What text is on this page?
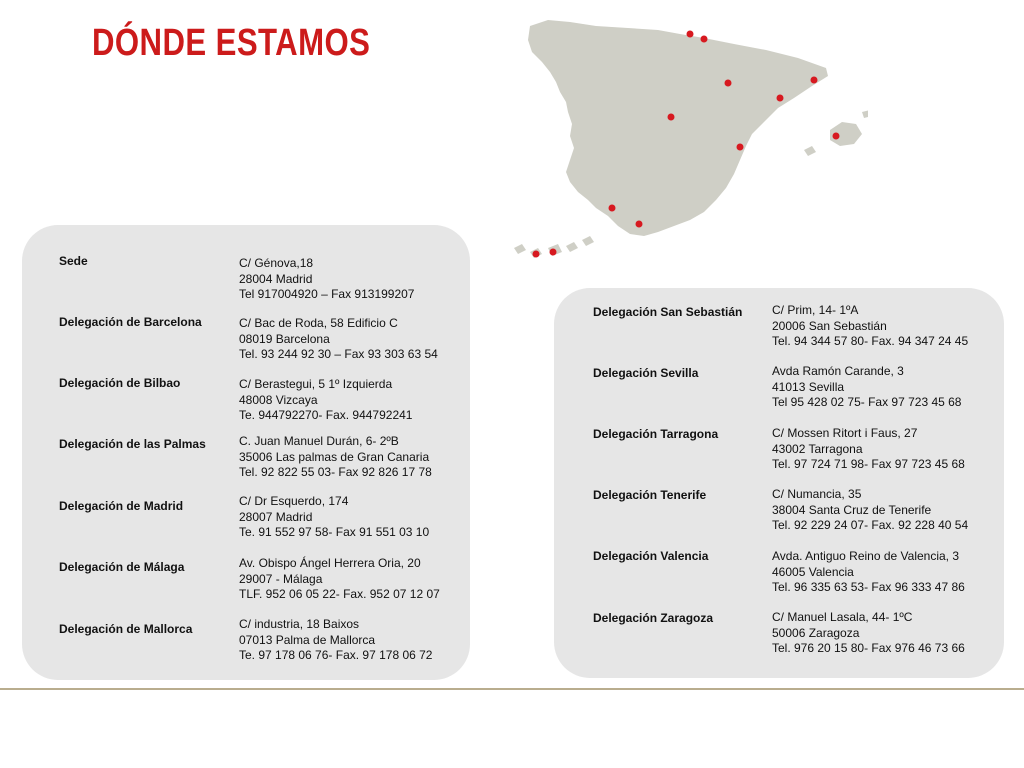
DÓNDE ESTAMOS
Sede	C/ Génova,18
28004 Madrid
Tel 917004920 – Fax 913199207
Delegación de Barcelona	C/ Bac de Roda, 58 Edificio C
08019 Barcelona
Tel. 93 244 92 30 – Fax 93 303 63 54
Delegación de Bilbao	C/ Berastegui, 5 1º Izquierda
48008 Vizcaya
Te. 944792270- Fax. 944792241
Delegación de las Palmas	C. Juan Manuel Durán, 6- 2ºB
35006 Las palmas de Gran Canaria
Tel. 92 822 55 03- Fax 92 826 17 78
Delegación de Madrid	C/ Dr Esquerdo, 174
28007 Madrid
Te. 91 552 97 58- Fax 91 551 03 10
Delegación de Málaga	Av. Obispo Ángel Herrera Oria, 20
29007 - Málaga
TLF. 952 06 05 22- Fax. 952 07 12 07
Delegación de Mallorca	C/ industria, 18 Baixos
07013 Palma de Mallorca
Te. 97 178 06 76- Fax. 97 178 06 72
Delegación San Sebastián C/ Prim, 14- 1ºA
20006 San Sebastián
Tel. 94 344 57 80- Fax. 94 347 24 45
Delegación Sevilla	Avda Ramón Carande, 3
41013 Sevilla
Tel 95 428 02 75- Fax 97 723 45 68
Delegación Tarragona	C/ Mossen Ritort i Faus, 27
43002 Tarragona
Tel. 97 724 71 98- Fax 97 723 45 68
Delegación Tenerife	C/ Numancia, 35
38004 Santa Cruz de Tenerife
Tel. 92 229 24 07- Fax. 92 228 40 54
Delegación Valencia	Avda. Antiguo Reino de Valencia, 3
46005 Valencia
Tel. 96 335 63 53- Fax 96 333 47 86
Delegación Zaragoza	C/ Manuel Lasala, 44- 1ºC
50006 Zaragoza
Tel. 976 20 15 80- Fax 976 46 73 66
